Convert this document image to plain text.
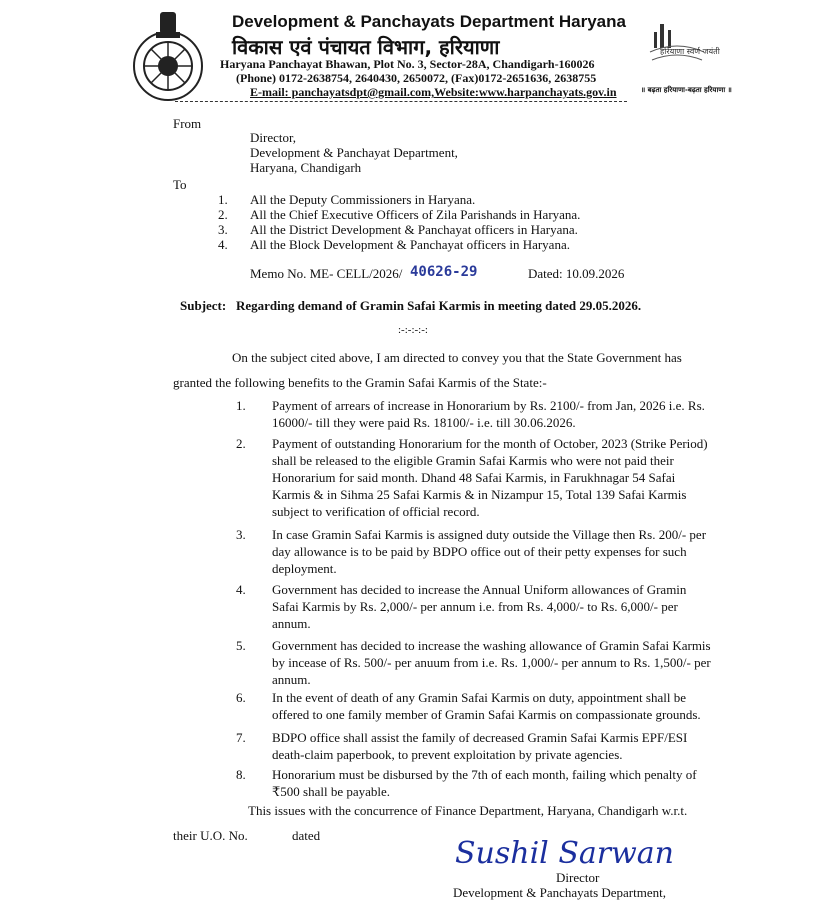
हरियाणा स्वर्ण जयंती
॥ बढ़ता हरियाणा-बढ़ता हरियाणा ॥
Development & Panchayats Department Haryana
विकास एवं पंचायत विभाग, हरियाणा
Haryana Panchayat Bhawan, Plot No. 3, Sector-28A, Chandigarh-160026
(Phone) 0172-2638754, 2640430, 2650072, (Fax)0172-2651636, 2638755
E-mail: panchayatsdpt@gmail.com,Website:www.harpanchayats.gov.in
From
Director,
Development & Panchayat Department,
Haryana, Chandigarh
To
1. All the Deputy Commissioners in Haryana.
2. All the Chief Executive Officers of Zila Parishands in Haryana.
3. All the District Development & Panchayat officers in Haryana.
4. All the Block Development & Panchayat officers in Haryana.
Memo No. ME- CELL/2026/ 40626-29	Dated: 10.09.2026
Subject: Regarding demand of Gramin Safai Karmis in meeting dated 29.05.2026.
:-:-:-:-:
On the subject cited above, I am directed to convey you that the State Government has
granted the following benefits to the Gramin Safai Karmis of the State:-
1. Payment of arrears of increase in Honorarium by Rs. 2100/- from Jan, 2026 i.e. Rs.
16000/- till they were paid Rs. 18100/- i.e. till 30.06.2026.
2. Payment of outstanding Honorarium for the month of October, 2023 (Strike Period)
shall be released to the eligible Gramin Safai Karmis who were not paid their
Honorarium for said month. Dhand 48 Safai Karmis, in Farukhnagar 54 Safai
Karmis & in Sihma 25 Safai Karmis & in Nizampur 15, Total 139 Safai Karmis
subject to verification of official record.
3. In case Gramin Safai Karmis is assigned duty outside the Village then Rs. 200/- per
day allowance is to be paid by BDPO office out of their petty expenses for such
deployment.
4. Government has decided to increase the Annual Uniform allowances of Gramin
Safai Karmis by Rs. 2,000/- per annum i.e. from Rs. 4,000/- to Rs. 6,000/- per
annum.
5. Government has decided to increase the washing allowance of Gramin Safai Karmis
by incease of Rs. 500/- per anuum from i.e. Rs. 1,000/- per annum to Rs. 1,500/- per
annum.
6. In the event of death of any Gramin Safai Karmis on duty, appointment shall be
offered to one family member of Gramin Safai Karmis on compassionate grounds.
7. BDPO office shall assist the family of decreased Gramin Safai Karmis EPF/ESI
death-claim paperbook, to prevent exploitation by private agencies.
8. Honorarium must be disbursed by the 7th of each month, failing which penalty of
₹500 shall be payable.
This issues with the concurrence of Finance Department, Haryana, Chandigarh w.r.t.
their U.O. No.	dated
Sushil Sarwan
Director
Development & Panchayats Department,
